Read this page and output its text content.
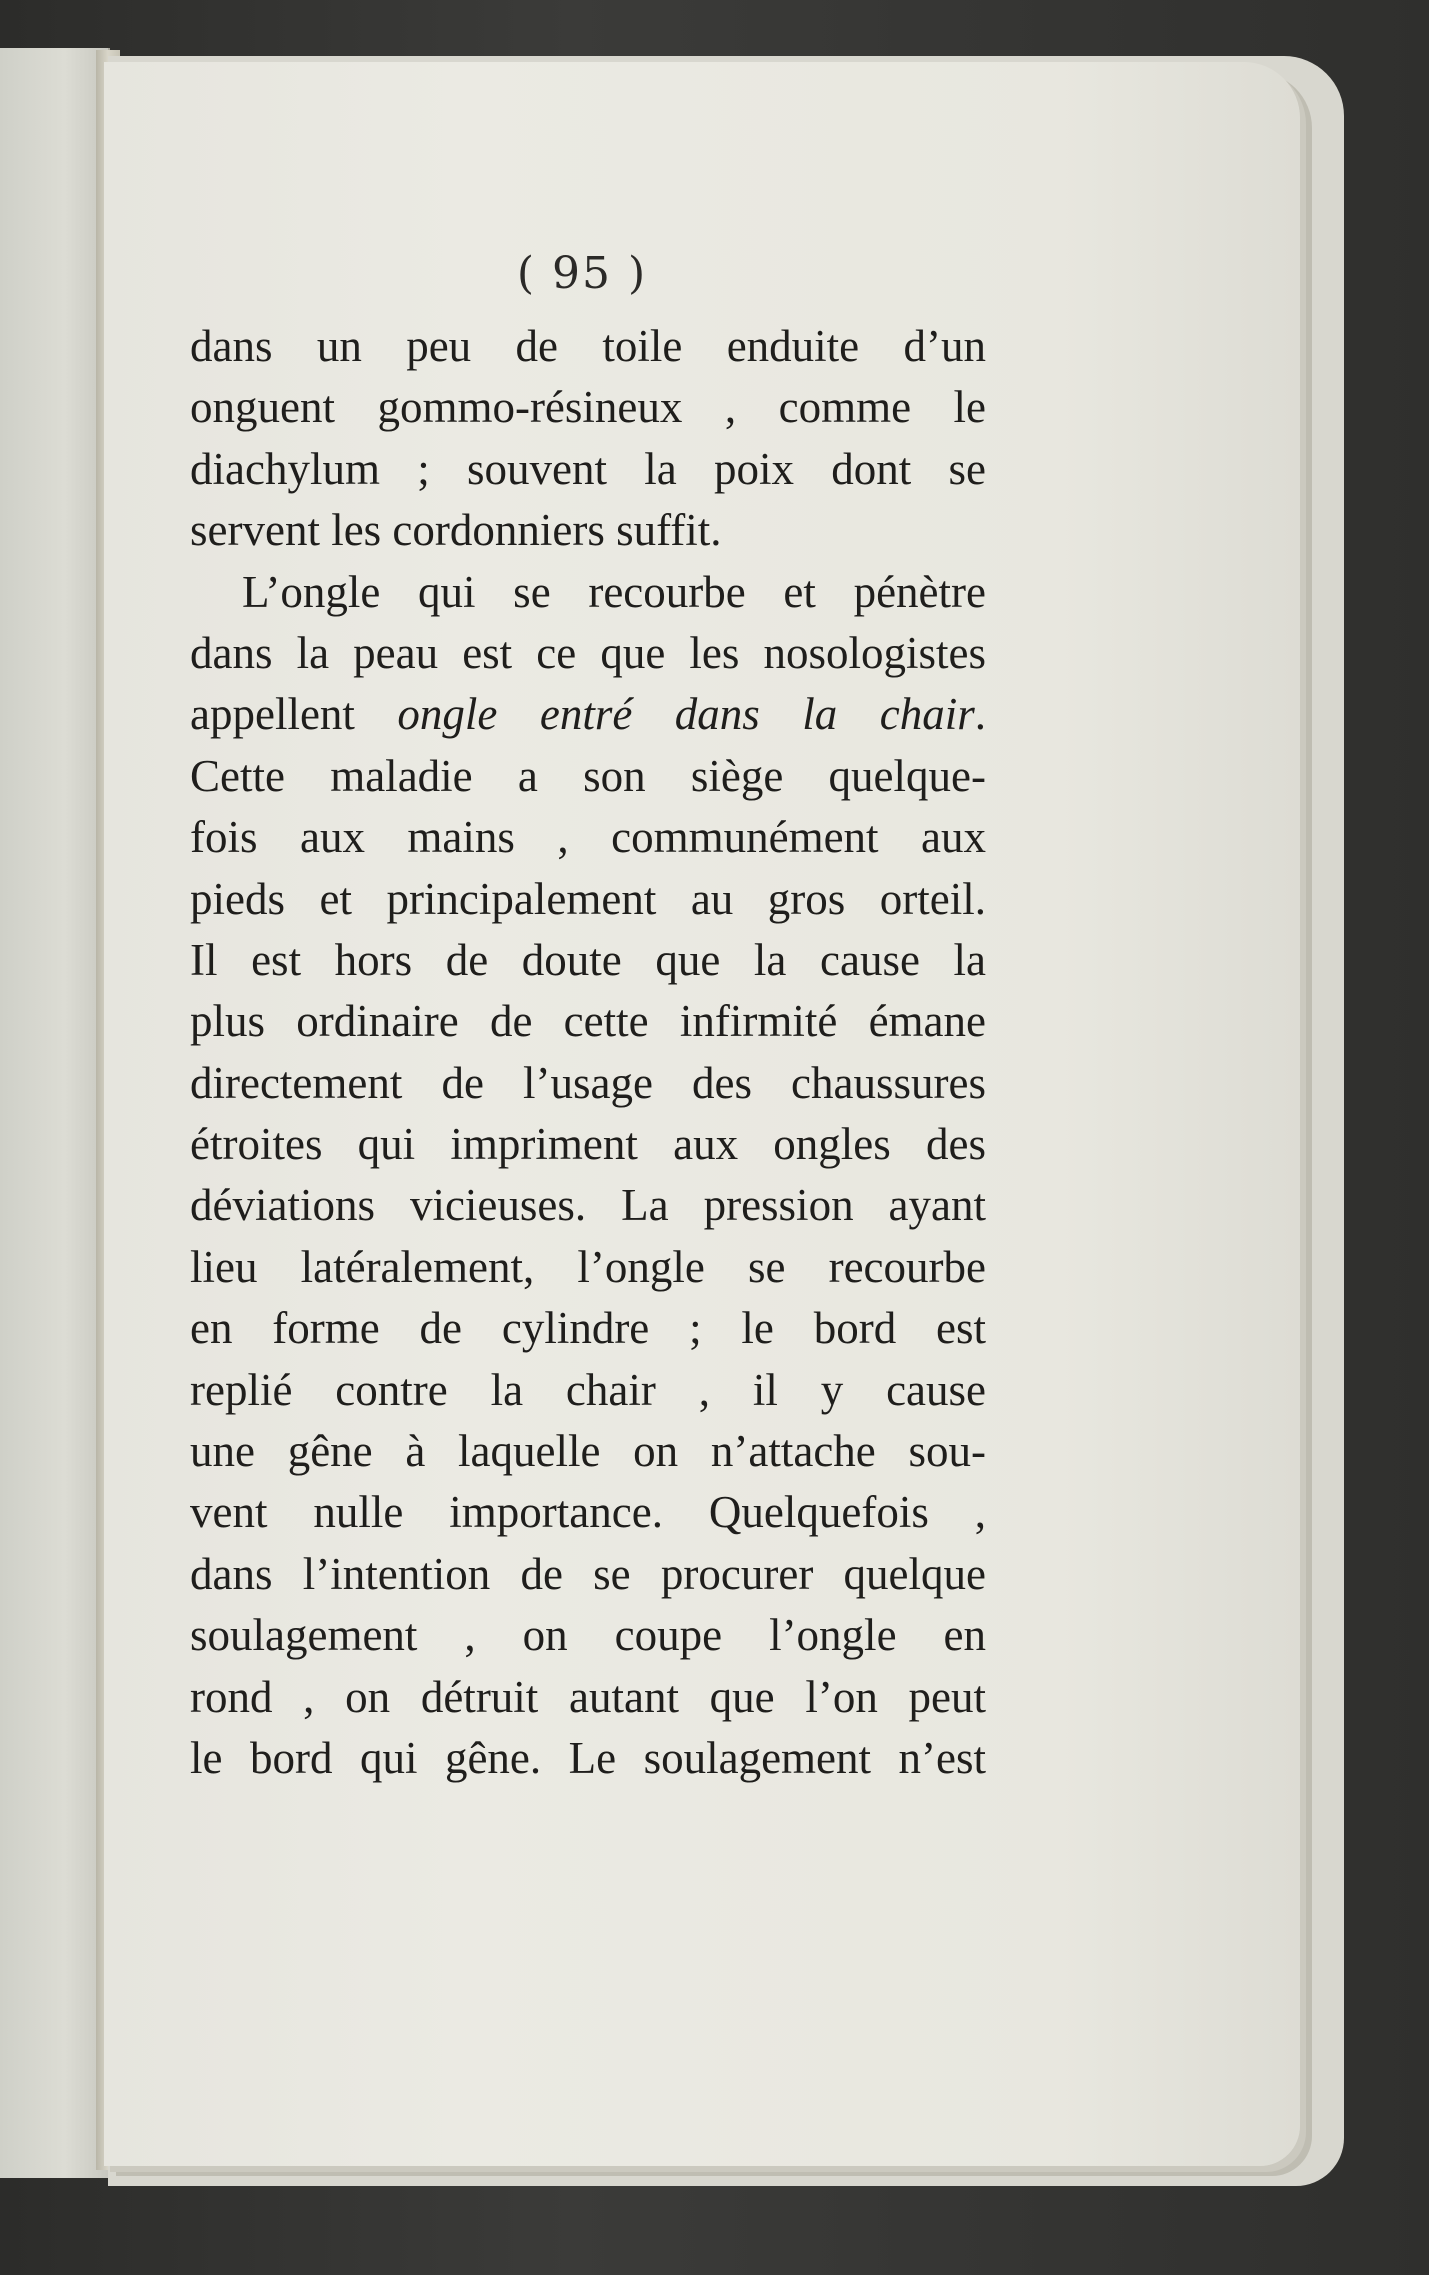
( 95 )
dans un peu de toile enduite d’un
onguent gommo-résineux , comme le
diachylum ; souvent la poix dont se
servent les cordonniers suffit.
L’ongle qui se recourbe et pénètre
dans la peau est ce que les nosologistes
appellent ongle entré dans la chair.
Cette maladie a son siège quelque-
fois aux mains , communément aux
pieds et principalement au gros orteil.
Il est hors de doute que la cause la
plus ordinaire de cette infirmité émane
directement de l’usage des chaussures
étroites qui impriment aux ongles des
déviations vicieuses. La pression ayant
lieu latéralement, l’ongle se recourbe
en forme de cylindre ; le bord est
replié contre la chair , il y cause
une gêne à laquelle on n’attache sou-
vent nulle importance. Quelquefois ,
dans l’intention de se procurer quelque
soulagement , on coupe l’ongle en
rond , on détruit autant que l’on peut
le bord qui gêne. Le soulagement n’est
